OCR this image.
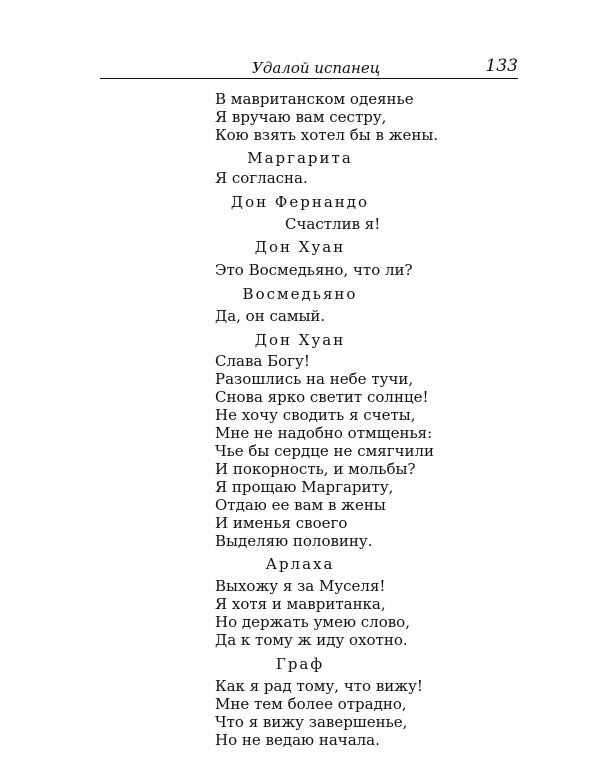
Удалой испанец	133
В мавританском одеянье
Я вручаю вам сестру,
Кою взять хотел бы в жены.
Маргарита
Я согласна.
Дон Фернандо
Счастлив я!
Дон Хуан
Это Восмедьяно, что ли?
Восмедьяно
Да, он самый.
Дон Хуан
Слава Богу!
Разошлись на небе тучи,
Снова ярко светит солнце!
Не хочу сводить я счеты,
Мне не надобно отмщенья:
Чье бы сердце не смягчили
И покорность, и мольбы?
Я прощаю Маргариту,
Отдаю ее вам в жены
И именья своего
Выделяю половину.
Арлаха
Выхожу я за Муселя!
Я хотя и мавританка,
Но держать умею слово,
Да к тому ж иду охотно.
Граф
Как я рад тому, что вижу!
Мне тем более отрадно,
Что я вижу завершенье,
Но не ведаю начала.
